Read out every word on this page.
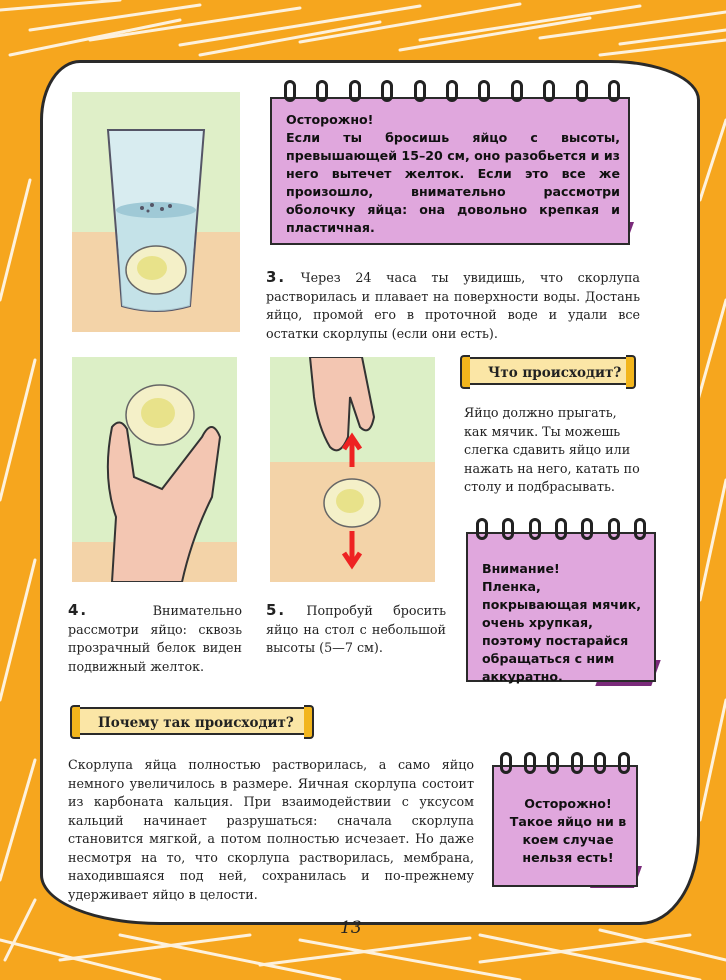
Осторожно!
Если ты бросишь яйцо с высоты, превышающей 15–20 см, оно разобьется и из него вытечет желток. Если это все же произошло, внимательно рассмотри оболочку яйца: она довольно крепкая и пластичная.
3. Через 24 часа ты увидишь, что скорлупа растворилась и плавает на поверхности воды. Достань яйцо, промой его в проточной воде и удали все остатки скорлупы (если они есть).
Что происходит?
Яйцо должно прыгать, как мячик. Ты можешь слегка сдавить яйцо или нажать на него, катать по столу и подбрасывать.
Внимание!
Пленка, покрывающая мячик, очень хрупкая, поэтому постарайся обращаться с ним аккуратно.
4. Внимательно рассмотри яйцо: сквозь прозрачный белок виден подвижный желток.
5. Попробуй бросить яйцо на стол с небольшой высоты (5—7 см).
Почему так происходит?
Скорлупа яйца полностью растворилась, а само яйцо немного увеличилось в размере. Яичная скорлупа состоит из карбоната кальция. При взаимодействии с уксусом кальций начинает разрушаться: сначала скорлупа становится мягкой, а потом полностью исчезает. Но даже несмотря на то, что скорлупа растворилась, мембрана, находившаяся под ней, сохранилась и по-прежнему удерживает яйцо в целости.
Осторожно!
Такое яйцо ни в коем случае нельзя есть!
13
